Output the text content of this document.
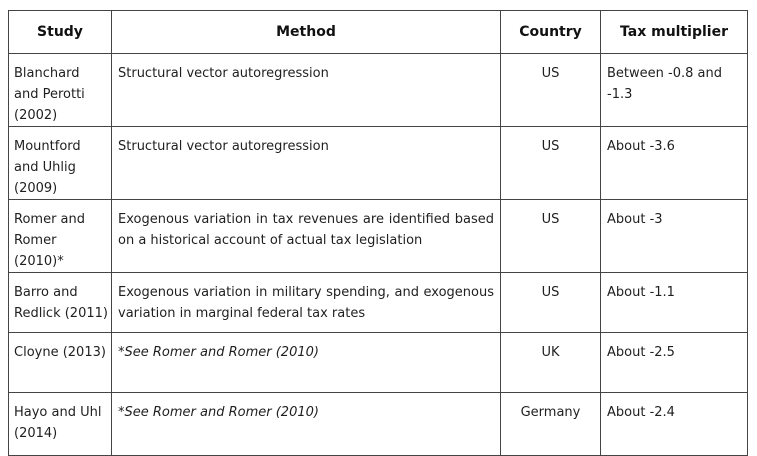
Study	Method	Country	Tax multiplier
Blanchard and Perotti (2002)	Structural vector autoregression	US	Between -0.8 and -1.3
Mountford and Uhlig (2009)	Structural vector autoregression	US	About -3.6
Romer and Romer (2010)*	Exogenous variation in tax revenues are identified based on a historical account of actual tax legislation	US	About -3
Barro and Redlick (2011)	Exogenous variation in military spending, and exogenous variation in marginal federal tax rates	US	About -1.1
Cloyne (2013)	*See Romer and Romer (2010)	UK	About -2.5
Hayo and Uhl (2014)	*See Romer and Romer (2010)	Germany	About -2.4
